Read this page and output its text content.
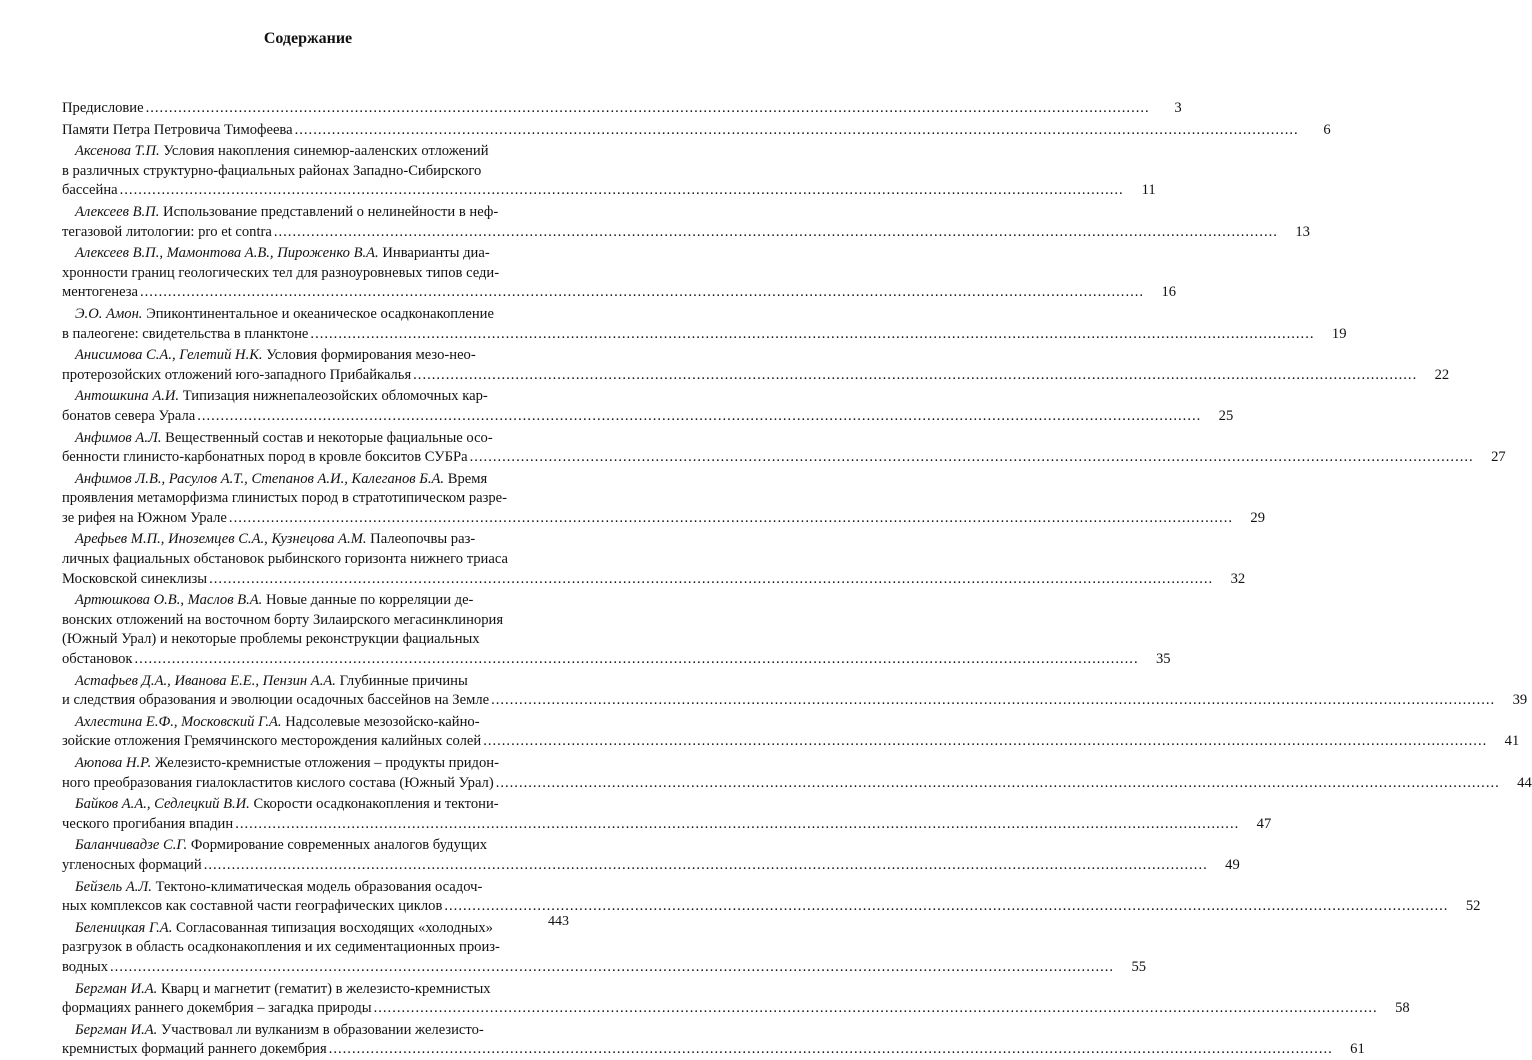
Содержание
Предисловие .....	3
Памяти Петра Петровича Тимофеева .....	6
Аксенова Т.П. Условия накопления синемюр-ааленских отложений
в различных структурно-фациальных районах Западно-Сибирского
бассейна .....	11
Алексеев В.П. Использование представлений о нелинейности в неф-
тегазовой литологии: pro et contra .....	13
Алексеев В.П., Мамонтова А.В., Пироженко В.А. Инварианты диа-
хронности границ геологических тел для разноуровневых типов седи-
ментогенеза .....	16
Э.О. Амон. Эпиконтинентальное и океаническое осадконакопление
в палеогене: свидетельства в планктоне .....	19
Анисимова С.А., Гелетий Н.К. Условия формирования мезо-нео-
протерозойских отложений юго-западного Прибайкалья .....	22
Антошкина А.И. Типизация нижнепалеозойских обломочных кар-
бонатов севера Урала .....	25
Анфимов А.Л. Вещественный состав и некоторые фациальные осо-
бенности глинисто-карбонатных пород в кровле бокситов СУБРа .....	27
Анфимов Л.В., Расулов А.Т., Степанов А.И., Калеганов Б.А. Время
проявления метаморфизма глинистых пород в стратотипическом разре-
зе рифея на Южном Урале .....	29
Арефьев М.П., Иноземцев С.А., Кузнецова А.М. Палеопочвы раз-
личных фациальных обстановок рыбинского горизонта нижнего триаса
Московской синеклизы .....	32
Артюшкова О.В., Маслов В.А. Новые данные по корреляции де-
вонских отложений на восточном борту Зилаирского мегасинклинория
(Южный Урал) и некоторые проблемы реконструкции фациальных
обстановок .....	35
Астафьев Д.А., Иванова Е.Е., Пензин А.А. Глубинные причины
и следствия образования и эволюции осадочных бассейнов на Земле .....	39
Ахлестина Е.Ф., Московский Г.А. Надсолевые мезозойско-кайно-
зойские отложения Гремячинского месторождения калийных солей .....	41
Аюпова Н.Р. Железисто-кремнистые отложения – продукты придон-
ного преобразования гиалокластитов кислого состава (Южный Урал) .....	44
Байков А.А., Седлецкий В.И. Скорости осадконакопления и тектони-
ческого прогибания впадин .....	47
Баланчивадзе С.Г. Формирование современных аналогов будущих
угленосных формаций .....	49
Бейзель А.Л. Тектоно-климатическая модель образования осадоч-
ных комплексов как составной части географических циклов .....	52
Беленицкая Г.А. Согласованная типизация восходящих «холодных»
разгрузок в область осадконакопления и их седиментационных произ-
водных .....	55
Бергман И.А. Кварц и магнетит (гематит) в железисто-кремнистых
формациях раннего докембрия – загадка природы .....	58
Бергман И.А. Участвовал ли вулканизм в образовании железисто-
кремнистых формаций раннего докембрия .....	61
443
